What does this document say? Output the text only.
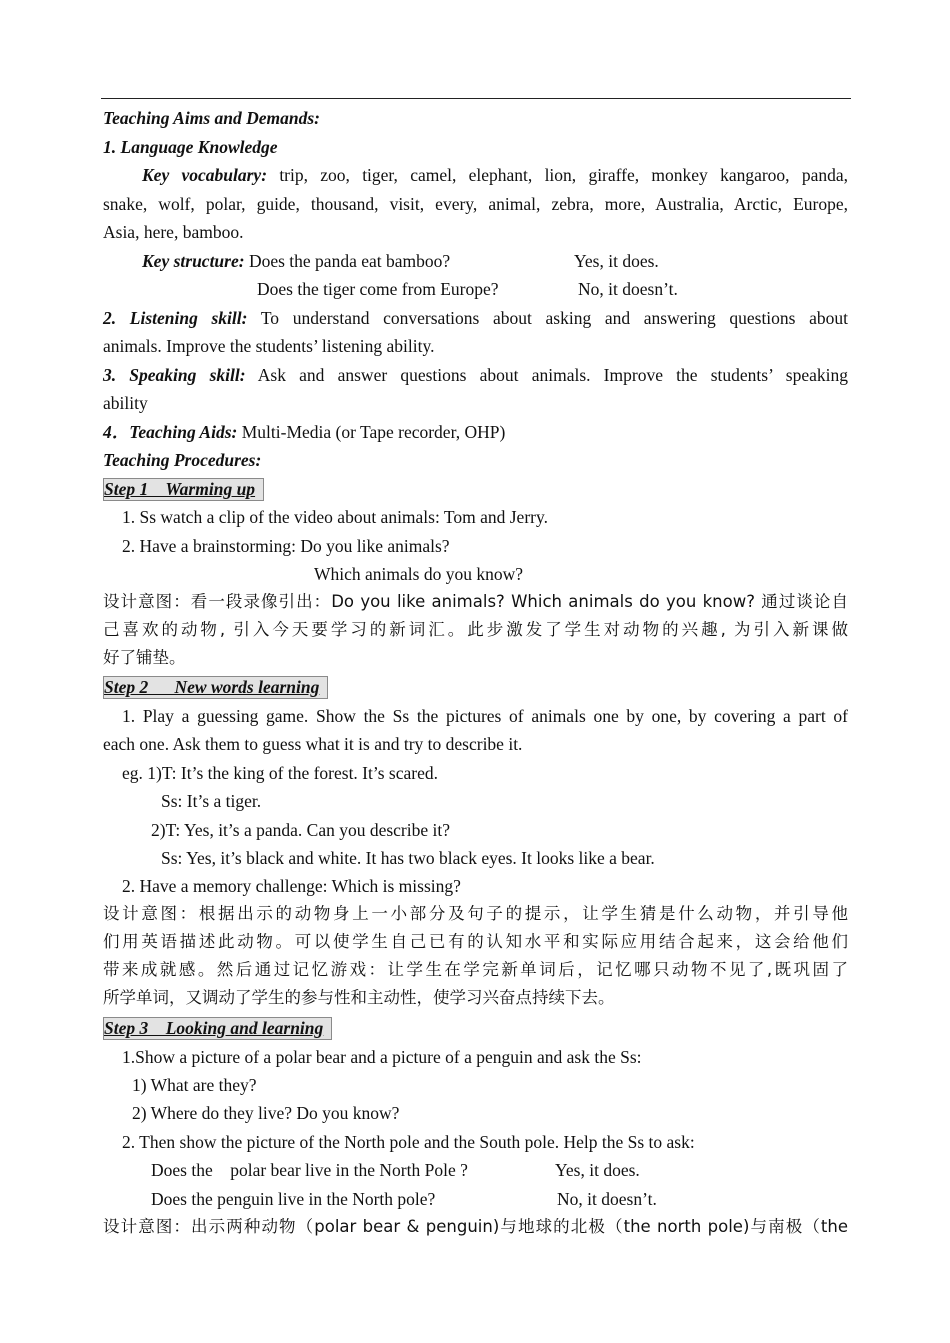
Teaching Aims and Demands:
1. Language Knowledge
Key vocabulary: trip, zoo, tiger, camel, elephant, lion, giraffe, monkey kangaroo, panda,
snake, wolf, polar, guide, thousand, visit, every, animal, zebra, more, Australia, Arctic, Europe,
Asia, here, bamboo.
Key structure: Does the panda eat bamboo?	Yes, it does.
Does the tiger come from Europe?	No, it doesn’t.
2. Listening skill: To understand conversations about asking and answering questions about
animals. Improve the students’ listening ability.
3. Speaking skill: Ask and answer questions about animals. Improve the students’ speaking
ability
4．Teaching Aids: Multi-Media (or Tape recorder, OHP)
Teaching Procedures:
Step 1    Warming up
1. Ss watch a clip of the video about animals: Tom and Jerry.
2. Have a brainstorming: Do you like animals?
Which animals do you know?
设计意图：看一段录像引出：Do you like animals? Which animals do you know? 通过谈论自
己喜欢的动物, 引入今天要学习的新词汇。此步激发了学生对动物的兴趣, 为引入新课做
好了铺垫。
Step 2      New words learning
1. Play a guessing game. Show the Ss the pictures of animals one by one, by covering a part of
each one. Ask them to guess what it is and try to describe it.
eg. 1)T: It’s the king of the forest. It’s scared.
Ss: It’s a tiger.
2)T: Yes, it’s a panda. Can you describe it?
Ss: Yes, it’s black and white. It has two black eyes. It looks like a bear.
2. Have a memory challenge: Which is missing?
设计意图：根据出示的动物身上一小部分及句子的提示，让学生猜是什么动物，并引导他
们用英语描述此动物。可以使学生自己已有的认知水平和实际应用结合起来，这会给他们
带来成就感。然后通过记忆游戏：让学生在学完新单词后，记忆哪只动物不见了,既巩固了
所学单词，又调动了学生的参与性和主动性，使学习兴奋点持续下去。
Step 3    Looking and learning
1.Show a picture of a polar bear and a picture of a penguin and ask the Ss:
1) What are they?
2) Where do they live? Do you know?
2. Then show the picture of the North pole and the South pole. Help the Ss to ask:
Does the    polar bear live in the North Pole ?	Yes, it does.
Does the penguin live in the North pole?	No, it doesn’t.
设计意图：出示两种动物（polar bear & penguin)与地球的北极（the north pole)与南极（the
